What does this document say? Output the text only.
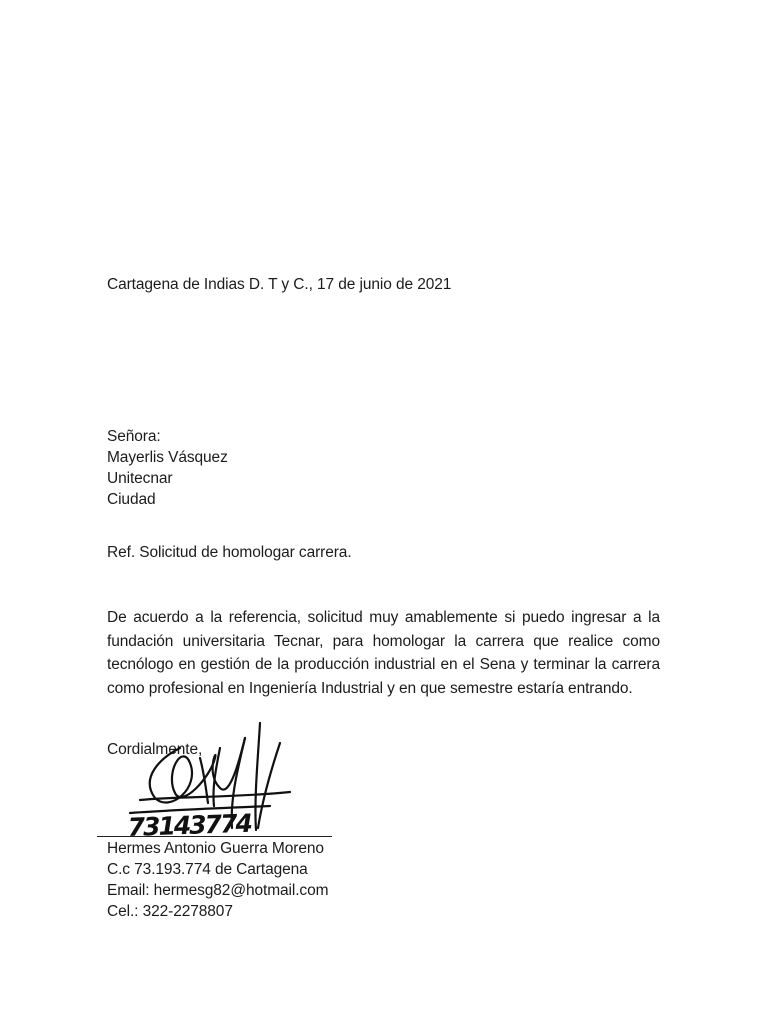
Cartagena de Indias D. T y C., 17 de junio de 2021
Señora:
Mayerlis Vásquez
Unitecnar
Ciudad
Ref. Solicitud de homologar carrera.
De acuerdo a la referencia, solicitud muy amablemente si puedo ingresar a la fundación universitaria Tecnar, para homologar la carrera que realice como tecnólogo en gestión de la producción industrial en el Sena y terminar la carrera como profesional en Ingeniería Industrial y en que semestre estaría entrando.
Cordialmente,
73143774
Hermes Antonio Guerra Moreno
C.c 73.193.774 de Cartagena
Email: hermesg82@hotmail.com
Cel.: 322-2278807
